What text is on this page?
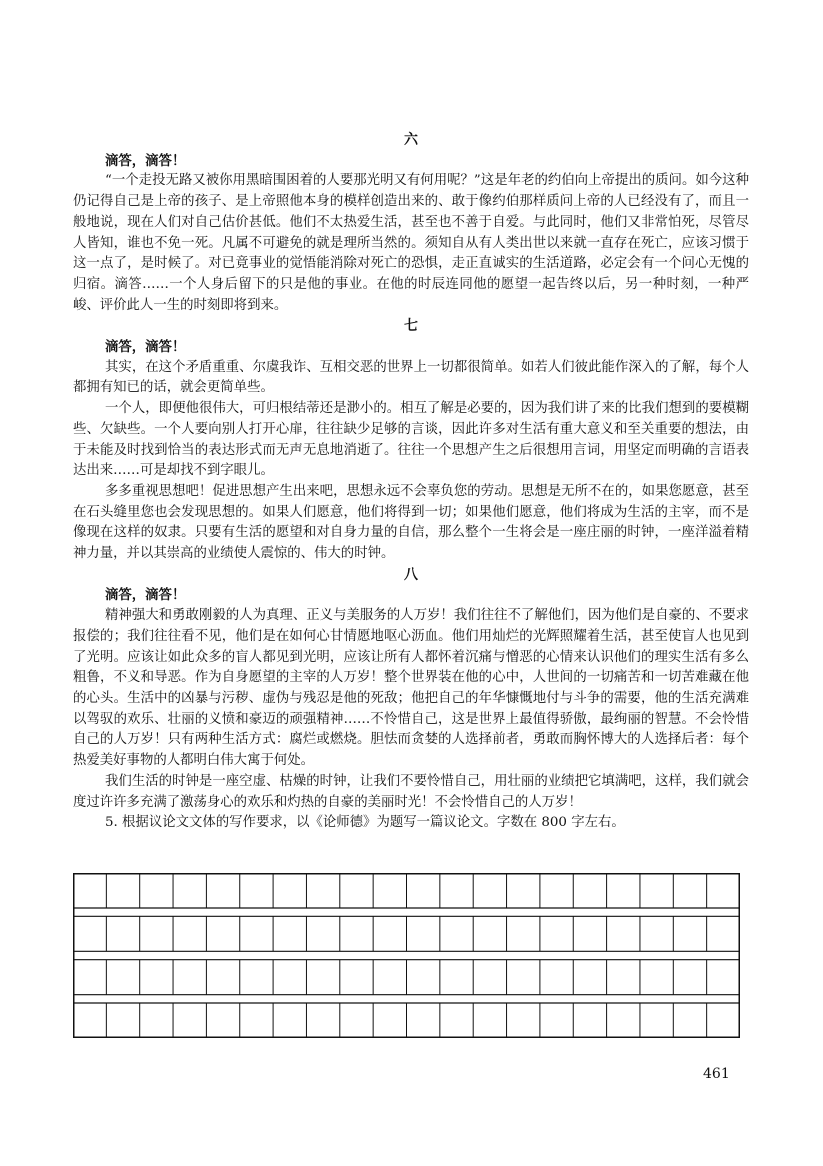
六
滴答，滴答！

“一个走投无路又被你用黑暗围困着的人要那光明又有何用呢？”这是年老的约伯向上帝提出的质问。如今这种仍记得自己是上帝的孩子、是上帝照他本身的模样创造出来的、敢于像约伯那样质问上帝的人已经没有了，而且一般地说，现在人们对自己估价甚低。他们不太热爱生活，甚至也不善于自爱。与此同时，他们又非常怕死，尽管尽人皆知，谁也不免一死。凡属不可避免的就是理所当然的。须知自从有人类出世以来就一直存在死亡，应该习惯于这一点了，是时候了。对已竟事业的觉悟能消除对死亡的恐惧，走正直诚实的生活道路，必定会有一个问心无愧的归宿。滴答……一个人身后留下的只是他的事业。在他的时辰连同他的愿望一起告终以后，另一种时刻，一种严峻、评价此人一生的时刻即将到来。

七
滴答，滴答！

其实，在这个矛盾重重、尔虞我诈、互相交恶的世界上一切都很简单。如若人们彼此能作深入的了解，每个人都拥有知已的话，就会更简单些。

一个人，即便他很伟大，可归根结蒂还是渺小的。相互了解是必要的，因为我们讲了来的比我们想到的要模糊些、欠缺些。一个人要向别人打开心扉，往往缺少足够的言谈，因此许多对生活有重大意义和至关重要的想法，由于未能及时找到恰当的表达形式而无声无息地消逝了。往往一个思想产生之后很想用言词，用坚定而明确的言语表达出来……可是却找不到字眼儿。

多多重视思想吧！促进思想产生出来吧，思想永远不会辜负您的劳动。思想是无所不在的，如果您愿意，甚至在石头缝里您也会发现思想的。如果人们愿意，他们将得到一切；如果他们愿意，他们将成为生活的主宰，而不是像现在这样的奴隶。只要有生活的愿望和对自身力量的自信，那么整个一生将会是一座庄丽的时钟，一座洋溢着精神力量，并以其崇高的业绩使人震惊的、伟大的时钟。

八
滴答，滴答！

精神强大和勇敢刚毅的人为真理、正义与美服务的人万岁！我们往往不了解他们，因为他们是自豪的、不要求报偿的；我们往往看不见，他们是在如何心甘情愿地呕心沥血。他们用灿烂的光辉照耀着生活，甚至使盲人也见到了光明。应该让如此众多的盲人都见到光明，应该让所有人都怀着沉痛与憎恶的心情来认识他们的理实生活有多么粗鲁，不义和导恶。作为自身愿望的主宰的人万岁！整个世界装在他的心中，人世间的一切痛苦和一切苦难藏在他的心头。生活中的凶暴与污秽、虚伪与残忍是他的死敌；他把自己的年华慷慨地付与斗争的需要，他的生活充满难以驾驭的欢乐、壮丽的义愤和豪迈的顽强精神……不怜惜自己，这是世界上最值得骄傲，最绚丽的智慧。不会怜惜自己的人万岁！只有两种生活方式：腐烂或燃烧。胆怯而贪婪的人选择前者，勇敢而胸怀博大的人选择后者：每个热爱美好事物的人都明白伟大寓于何处。

我们生活的时钟是一座空虚、枯燥的时钟，让我们不要怜惜自己，用壮丽的业绩把它填满吧，这样，我们就会度过许许多充满了激荡身心的欢乐和灼热的自豪的美丽时光！不会怜惜自己的人万岁！

5. 根据议论文文体的写作要求，以《论师德》为题写一篇议论文。字数在 800 字左右。

461
